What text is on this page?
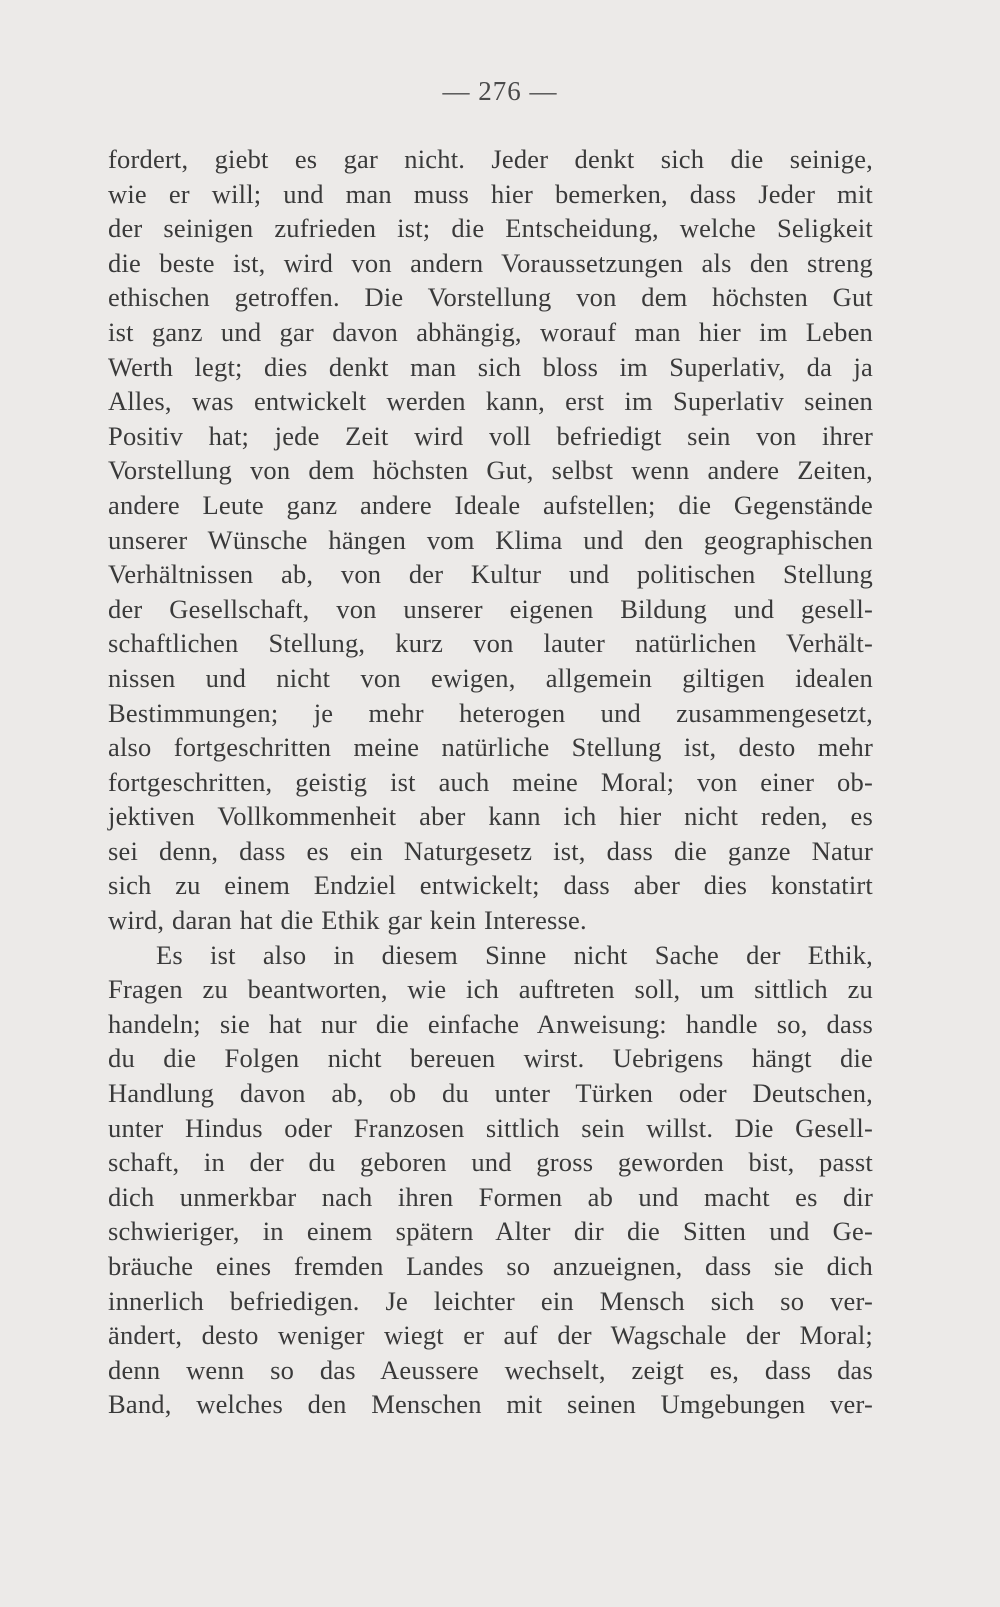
— 276 —
fordert, giebt es gar nicht. Jeder denkt sich die seinige,
wie er will; und man muss hier bemerken, dass Jeder mit
der seinigen zufrieden ist; die Entscheidung, welche Seligkeit
die beste ist, wird von andern Voraussetzungen als den streng
ethischen getroffen. Die Vorstellung von dem höchsten Gut
ist ganz und gar davon abhängig, worauf man hier im Leben
Werth legt; dies denkt man sich bloss im Superlativ, da ja
Alles, was entwickelt werden kann, erst im Superlativ seinen
Positiv hat; jede Zeit wird voll befriedigt sein von ihrer
Vorstellung von dem höchsten Gut, selbst wenn andere Zeiten,
andere Leute ganz andere Ideale aufstellen; die Gegenstände
unserer Wünsche hängen vom Klima und den geographischen
Verhältnissen ab, von der Kultur und politischen Stellung
der Gesellschaft, von unserer eigenen Bildung und gesell-
schaftlichen Stellung, kurz von lauter natürlichen Verhält-
nissen und nicht von ewigen, allgemein giltigen idealen
Bestimmungen; je mehr heterogen und zusammengesetzt,
also fortgeschritten meine natürliche Stellung ist, desto mehr
fortgeschritten, geistig ist auch meine Moral; von einer ob-
jektiven Vollkommenheit aber kann ich hier nicht reden, es
sei denn, dass es ein Naturgesetz ist, dass die ganze Natur
sich zu einem Endziel entwickelt; dass aber dies konstatirt
wird, daran hat die Ethik gar kein Interesse.
Es ist also in diesem Sinne nicht Sache der Ethik,
Fragen zu beantworten, wie ich auftreten soll, um sittlich zu
handeln; sie hat nur die einfache Anweisung: handle so, dass
du die Folgen nicht bereuen wirst. Uebrigens hängt die
Handlung davon ab, ob du unter Türken oder Deutschen,
unter Hindus oder Franzosen sittlich sein willst. Die Gesell-
schaft, in der du geboren und gross geworden bist, passt
dich unmerkbar nach ihren Formen ab und macht es dir
schwieriger, in einem spätern Alter dir die Sitten und Ge-
bräuche eines fremden Landes so anzueignen, dass sie dich
innerlich befriedigen. Je leichter ein Mensch sich so ver-
ändert, desto weniger wiegt er auf der Wagschale der Moral;
denn wenn so das Aeussere wechselt, zeigt es, dass das
Band, welches den Menschen mit seinen Umgebungen ver-
